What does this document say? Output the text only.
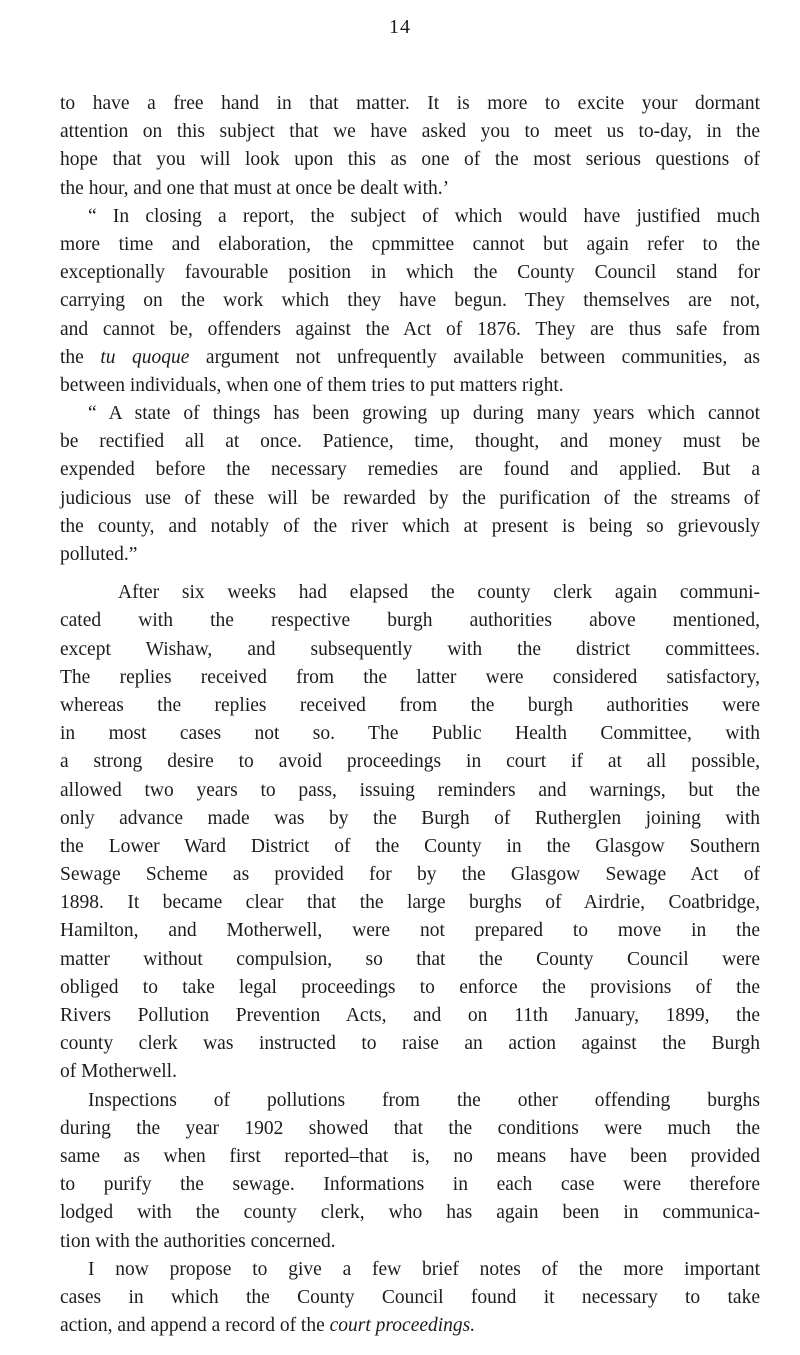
14
to have a free hand in that matter. It is more to excite your dormant
attention on this subject that we have asked you to meet us to-day, in the
hope that you will look upon this as one of the most serious questions of
the hour, and one that must at once be dealt with.’
“ In closing a report, the subject of which would have justified much
more time and elaboration, the cpmmittee cannot but again refer to the
exceptionally favourable position in which the County Council stand for
carrying on the work which they have begun. They themselves are not,
and cannot be, offenders against the Act of 1876. They are thus safe from
the tu quoque argument not unfrequently available between communities, as
between individuals, when one of them tries to put matters right.
“ A state of things has been growing up during many years which cannot
be rectified all at once. Patience, time, thought, and money must be
expended before the necessary remedies are found and applied. But a
judicious use of these will be rewarded by the purification of the streams of
the county, and notably of the river which at present is being so grievously
polluted.”
After six weeks had elapsed the county clerk again communi-
cated with the respective burgh authorities above mentioned,
except Wishaw, and subsequently with the district committees.
The replies received from the latter were considered satisfactory,
whereas the replies received from the burgh authorities were
in most cases not so. The Public Health Committee, with
a strong desire to avoid proceedings in court if at all possible,
allowed two years to pass, issuing reminders and warnings, but the
only advance made was by the Burgh of Rutherglen joining with
the Lower Ward District of the County in the Glasgow Southern
Sewage Scheme as provided for by the Glasgow Sewage Act of
1898. It became clear that the large burghs of Airdrie, Coatbridge,
Hamilton, and Motherwell, were not prepared to move in the
matter without compulsion, so that the County Council were
obliged to take legal proceedings to enforce the provisions of the
Rivers Pollution Prevention Acts, and on 11th January, 1899, the
county clerk was instructed to raise an action against the Burgh
of Motherwell.
Inspections of pollutions from the other offending burghs
during the year 1902 showed that the conditions were much the
same as when first reported–that is, no means have been provided
to purify the sewage. Informations in each case were therefore
lodged with the county clerk, who has again been in communica-
tion with the authorities concerned.
I now propose to give a few brief notes of the more important
cases in which the County Council found it necessary to take
action, and append a record of the court proceedings.
